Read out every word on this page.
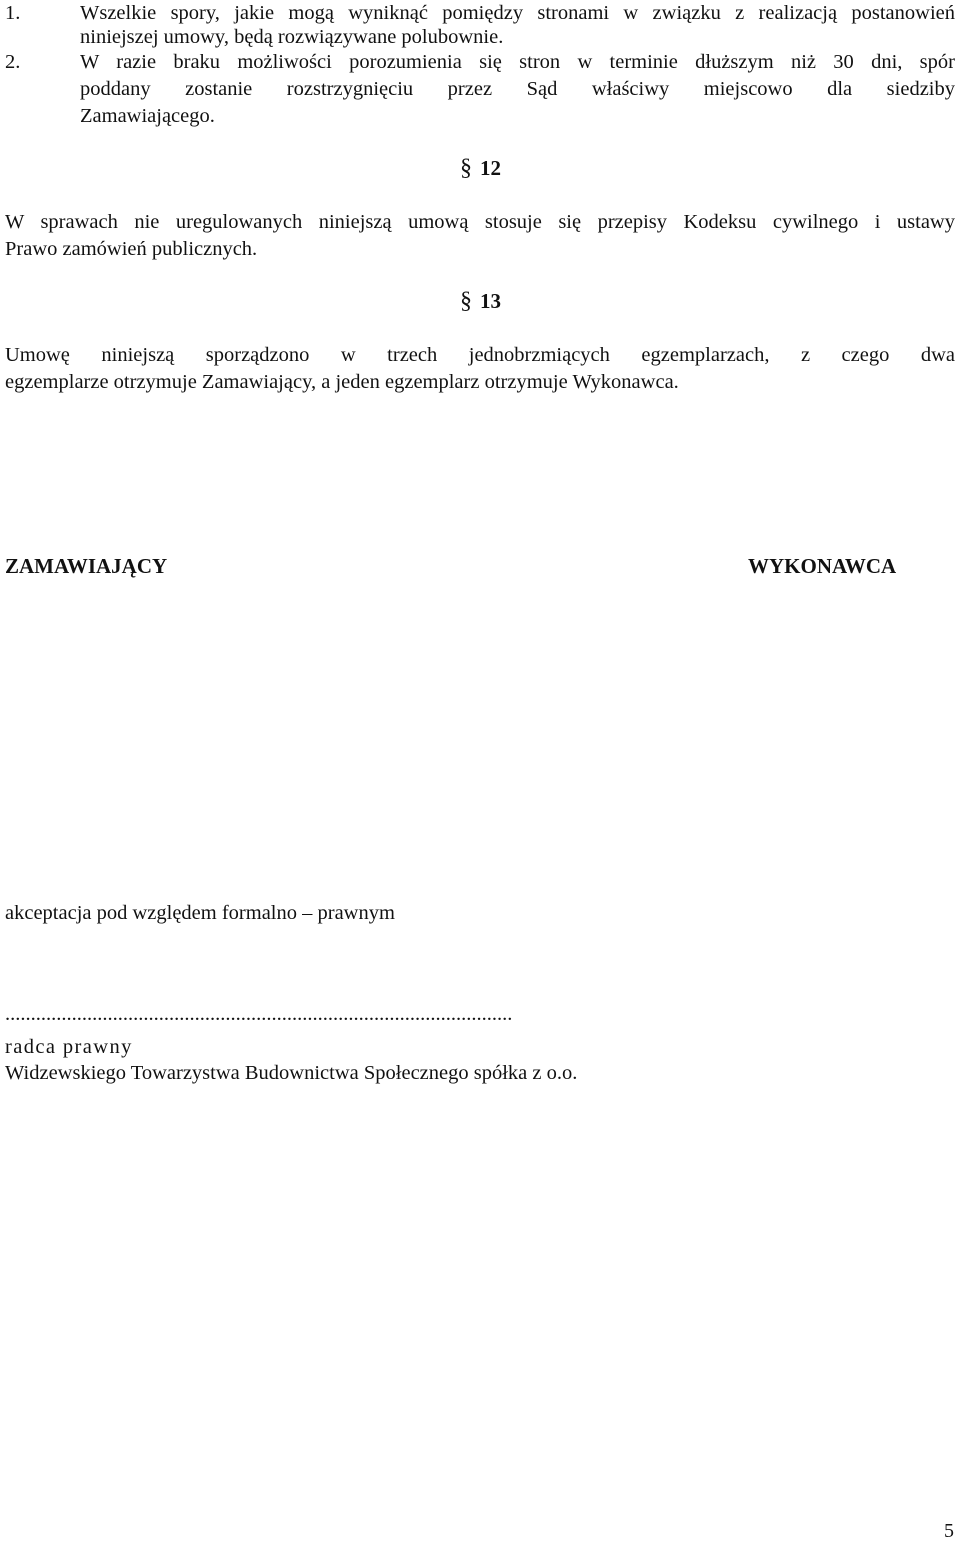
1.	Wszelkie spory, jakie mogą wyniknąć pomiędzy stronami w związku z realizacją postanowień
niniejszej umowy, będą rozwiązywane polubownie.
2.	W razie braku możliwości porozumienia się stron w terminie dłuższym niż 30 dni, spór
poddany zostanie rozstrzygnięciu przez Sąd właściwy miejscowo dla siedziby
Zamawiającego.
§ 12
W sprawach nie uregulowanych niniejszą umową stosuje się przepisy Kodeksu cywilnego i ustawy
Prawo zamówień publicznych.
§ 13
Umowę niniejszą sporządzono w trzech jednobrzmiących egzemplarzach, z czego dwa
egzemplarze otrzymuje Zamawiający, a jeden egzemplarz otrzymuje Wykonawca.
ZAMAWIAJĄCY	WYKONAWCA
akceptacja pod względem formalno – prawnym
...................................................................................................
radca prawny
Widzewskiego Towarzystwa Budownictwa Społecznego spółka z o.o.
5
